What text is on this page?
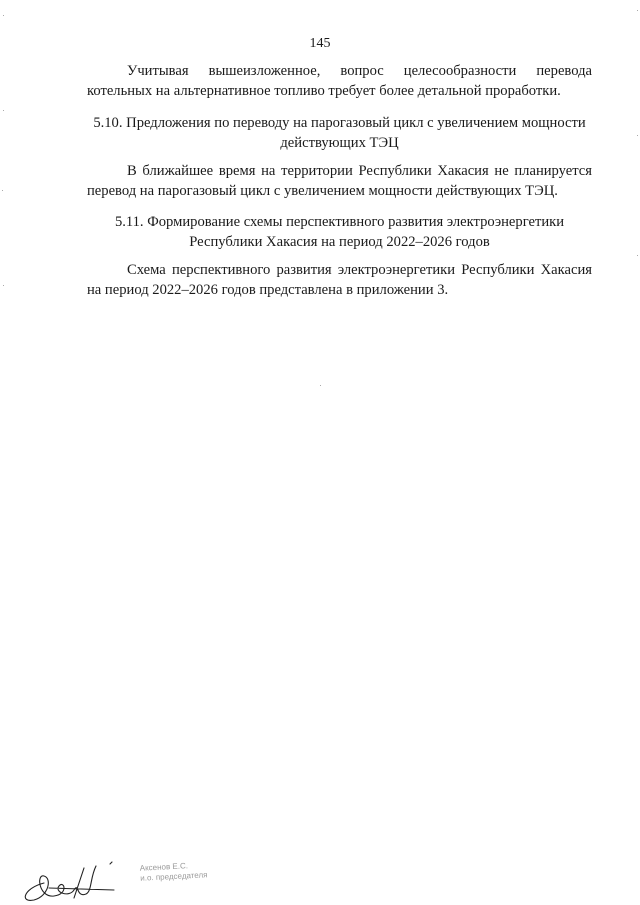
145
Учитывая вышеизложенное, вопрос целесообразности перевода котельных на альтернативное топливо требует более детальной проработки.
5.10. Предложения по переводу на парогазовый цикл с увеличением мощности
действующих ТЭЦ
В ближайшее время на территории Республики Хакасия не планируется перевод на парогазовый цикл с увеличением мощности действующих ТЭЦ.
5.11. Формирование схемы перспективного развития электроэнергетики
Республики Хакасия на период 2022–2026 годов
Схема перспективного развития электроэнергетики Республики Хакасия на период 2022–2026 годов представлена в приложении 3.
Аксенов Е.С.
и.о. председателя
